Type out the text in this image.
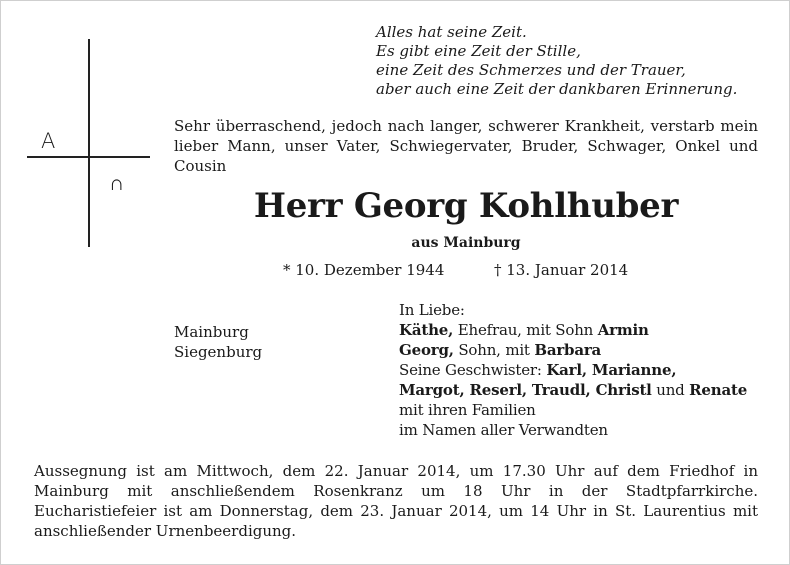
Alles hat seine Zeit.
Es gibt eine Zeit der Stille,
eine Zeit des Schmerzes und der Trauer,
aber auch eine Zeit der dankbaren Erinnerung.
A
∩
Sehr überraschend, jedoch nach langer, schwerer Krankheit, verstarb mein lieber Mann, unser Vater, Schwiegervater, Bruder, Schwager, Onkel und Cousin
Herr Georg Kohlhuber
aus Mainburg
* 10. Dezember 1944	† 13. Januar 2014
Mainburg
Siegenburg
In Liebe:
Käthe, Ehefrau, mit Sohn Armin
Georg, Sohn, mit Barbara
Seine Geschwister: Karl, Marianne,
Margot, Reserl, Traudl, Christl und Renate
mit ihren Familien
im Namen aller Verwandten
Aussegnung ist am Mittwoch, dem 22. Januar 2014, um 17.30 Uhr auf dem Friedhof in Mainburg mit anschließendem Rosenkranz um 18 Uhr in der Stadtpfarrkirche. Eucharistiefeier ist am Donnerstag, dem 23. Januar 2014, um 14 Uhr in St. Laurentius mit anschließender Urnenbeerdigung.
